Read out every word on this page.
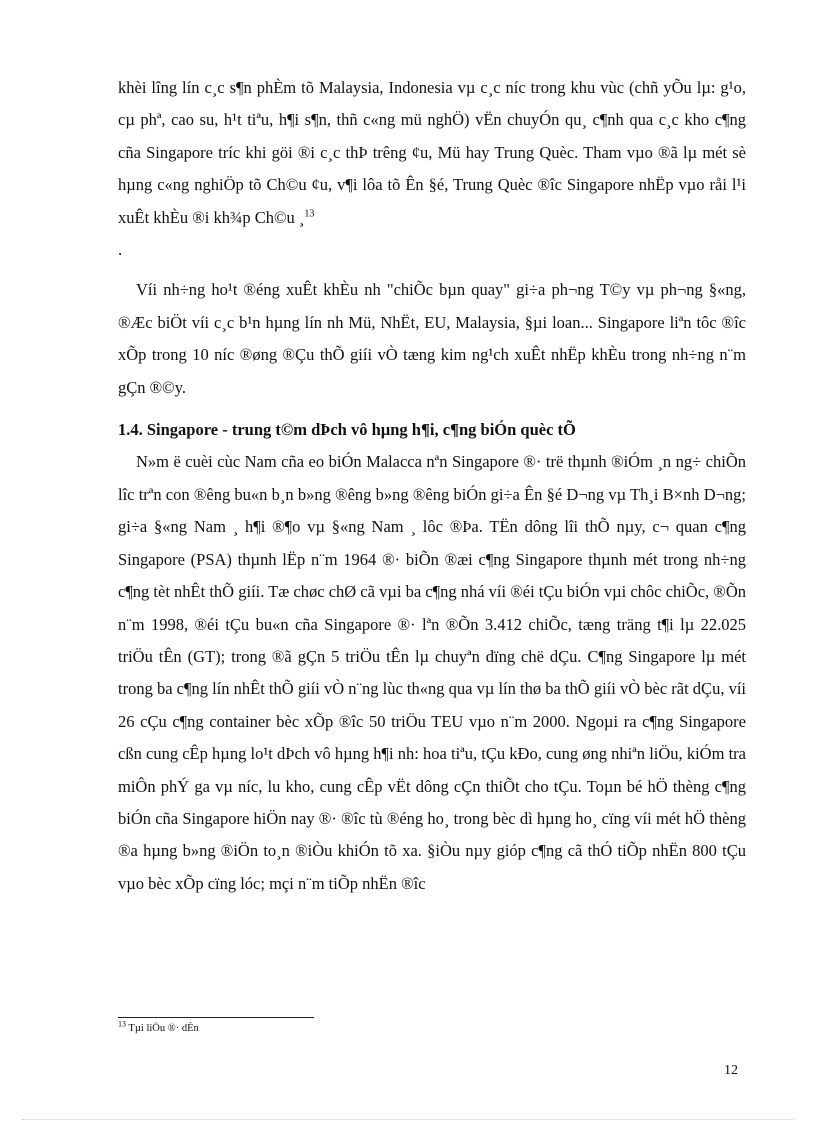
khèi lîng lín c¸c s¶n phÈm tõ Malaysia, Indonesia vµ c¸c níc trong khu vùc (chñ yÕu lµ: g¹o, cµ phª, cao su, h¹t tiªu, h¶i s¶n, thñ c«ng mü nghÖ) vËn chuyÓn qu¸ c¶nh qua c¸c kho c¶ng cña Singapore tríc khi göi ®i c¸c thÞ trêng ¢u, Mü hay Trung Quèc. Tham vµo ®ã lµ mét sè hµng c«ng nghiÖp tõ Ch©u ¢u, v¶i lôa tõ Ên §é, Trung Quèc ®îc Singapore nhËp vµo råi l¹i xuÊt khÈu ®i kh¾p Ch©u ¸$^{13}$
.

Víi nh÷ng ho¹t ®éng xuÊt khÈu nh "chiÕc bµn quay" gi÷a ph¬ng T©y vµ ph¬ng §«ng, ®Æc biÖt víi c¸c b¹n hµng lín nh Mü, NhËt, EU, Malaysia, §µi loan... Singapore liªn tôc ®îc xÕp trong 10 níc ®øng ®Çu thÕ giíi vÒ tæng kim ng¹ch xuÊt nhËp khÈu trong nh÷ng n¨m gÇn ®©y.

1.4. Singapore - trung t©m dÞch vô hµng h¶i, c¶ng biÓn quèc tÕ

N»m ë cuèi cùc Nam cña eo biÓn Malacca nªn Singapore ®· trë thµnh ®iÓm ¸n ng÷ chiÕn lîc trªn con ®êng bu«n b¸n b»ng ®êng b»ng ®êng biÓn gi÷a Ên §é D¬ng vµ Th¸i B×nh D¬ng; gi÷a §«ng Nam ¸ h¶i ®¶o vµ §«ng Nam ¸ lôc ®Þa. TËn dông lîi thÕ nµy, c¬ quan c¶ng Singapore (PSA) thµnh lËp n¨m 1964 ®· biÕn ®æi c¶ng Singapore thµnh mét trong nh÷ng c¶ng tèt nhÊt thÕ giíi. Tæ chøc chØ cã vµi ba c¶ng nhá víi ®éi tÇu biÓn vµi chôc chiÕc, ®Õn n¨m 1998, ®éi tÇu bu«n cña Singapore ®· lªn ®Õn 3.412 chiÕc, tæng träng t¶i lµ 22.025 triÖu tÊn (GT); trong ®ã gÇn 5 triÖu tÊn lµ chuyªn dïng chë dÇu. C¶ng Singapore lµ mét trong ba c¶ng lín nhÊt thÕ giíi vÒ n¨ng lùc th«ng qua vµ lín thø ba thÕ giíi vÒ bèc rãt dÇu, víi 26 cÇu c¶ng container bèc xÕp ®îc 50 triÖu TEU vµo n¨m 2000. Ngoµi ra c¶ng Singapore cßn cung cÊp hµng lo¹t dÞch vô hµng h¶i nh: hoa tiªu, tÇu kÐo, cung øng nhiªn liÖu, kiÓm tra miÔn phÝ ga vµ níc, lu kho, cung cÊp vËt dông cÇn thiÕt cho tÇu. Toµn bé hÖ thèng c¶ng biÓn cña Singapore hiÖn nay ®· ®îc tù ®éng ho¸ trong bèc dì hµng ho¸ cïng víi mét hÖ thèng ®a hµng b»ng ®iÖn to¸n ®iÒu khiÓn tõ xa. §iÒu nµy gióp c¶ng cã thÓ tiÕp nhËn 800 tÇu vµo bèc xÕp cïng lóc; mçi n¨m tiÕp nhËn ®îc

$^{13}$ Tµi liÖu ®· dÉn

12
